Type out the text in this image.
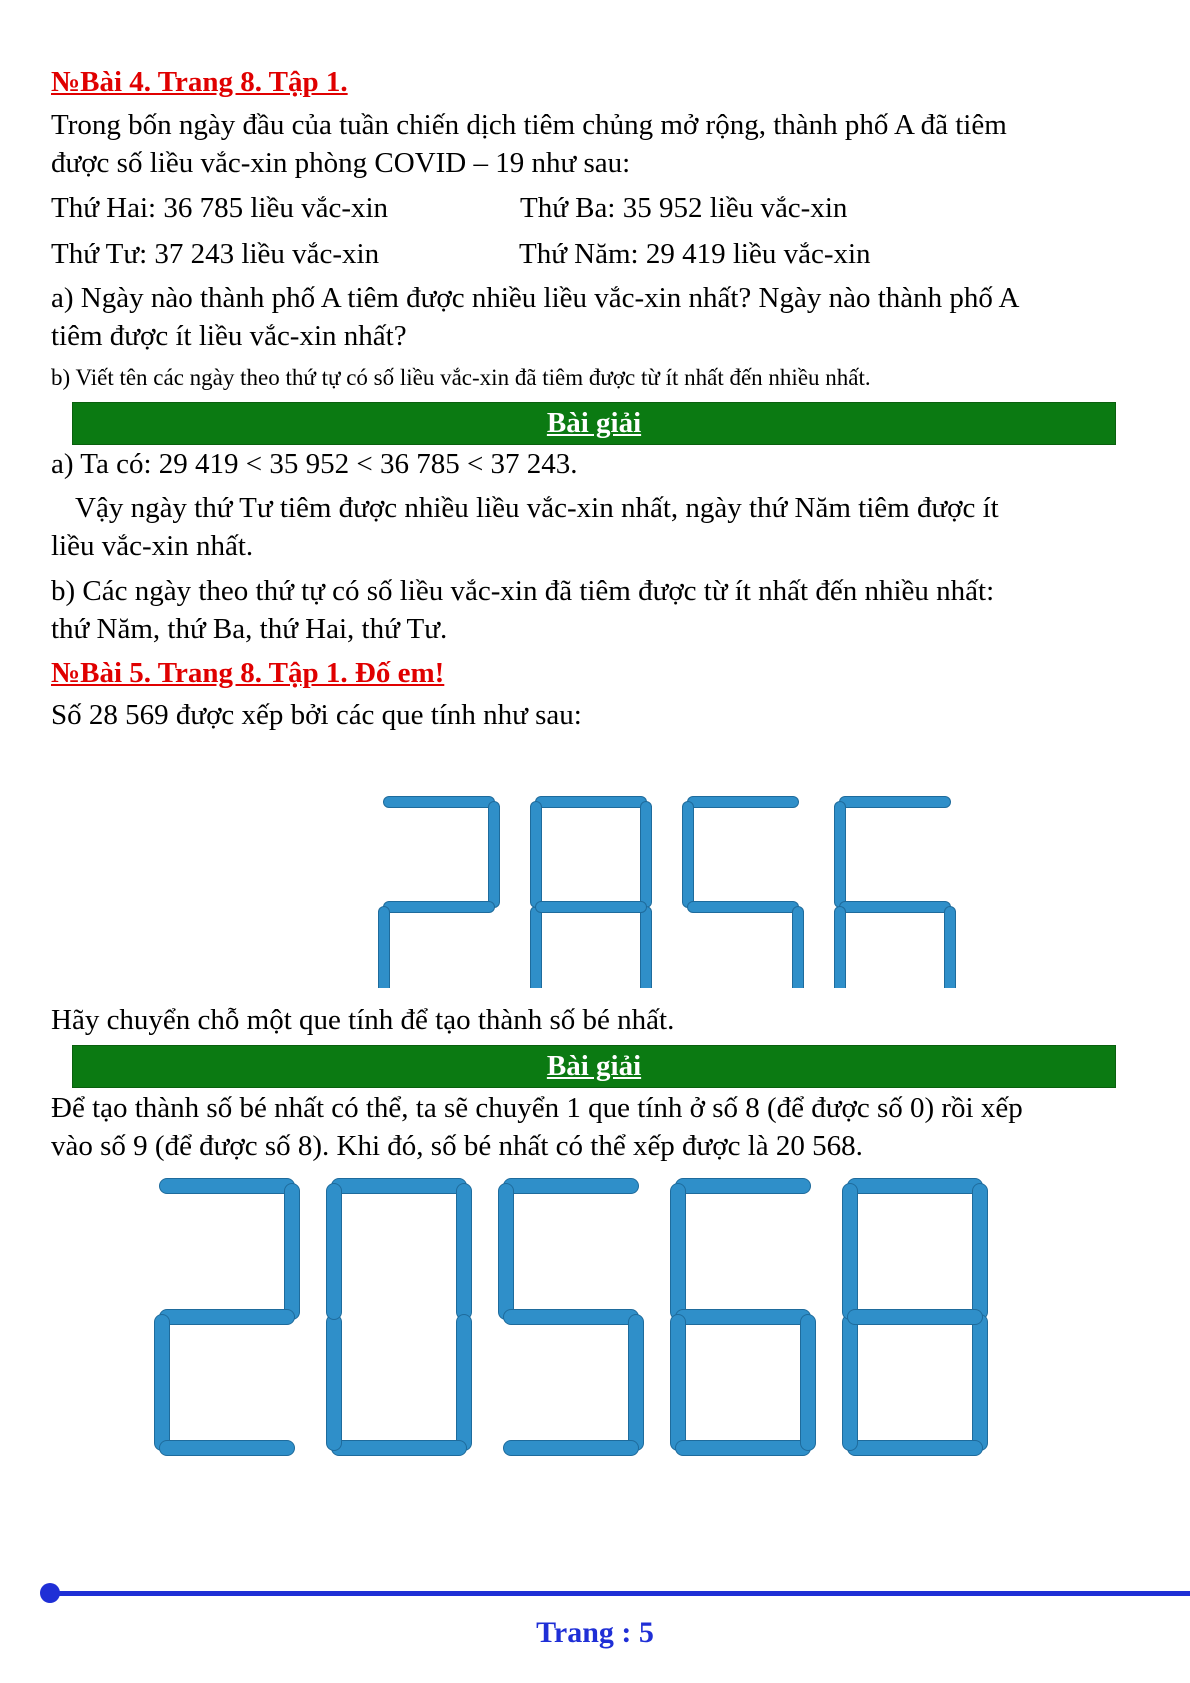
№Bài 4. Trang 8. Tập 1.
Trong bốn ngày đầu của tuần chiến dịch tiêm chủng mở rộng, thành phố A đã tiêm
được số liều vắc-xin phòng COVID – 19 như sau:
Thứ Hai: 36 785 liều vắc-xin	Thứ Ba: 35 952 liều vắc-xin
Thứ Tư: 37 243 liều vắc-xin	Thứ Năm: 29 419 liều vắc-xin
a) Ngày nào thành phố A tiêm được nhiều liều vắc-xin nhất? Ngày nào thành phố A
tiêm được ít liều vắc-xin nhất?
b) Viết tên các ngày theo thứ tự có số liều vắc-xin đã tiêm được từ ít nhất đến nhiều nhất.
Bài giải
a) Ta có: 29 419 < 35 952 < 36 785 < 37 243.
Vậy ngày thứ Tư tiêm được nhiều liều vắc-xin nhất, ngày thứ Năm tiêm được ít
liều vắc-xin nhất.
b) Các ngày theo thứ tự có số liều vắc-xin đã tiêm được từ ít nhất đến nhiều nhất:
thứ Năm, thứ Ba, thứ Hai, thứ Tư.
№Bài 5. Trang 8. Tập 1. Đố em!
Số 28 569 được xếp bởi các que tính như sau:
Hãy chuyển chỗ một que tính để tạo thành số bé nhất.
Bài giải
Để tạo thành số bé nhất có thể, ta sẽ chuyển 1 que tính ở số 8 (để được số 0) rồi xếp
vào số 9 (để được số 8). Khi đó, số bé nhất có thể xếp được là 20 568.
Trang : 5
